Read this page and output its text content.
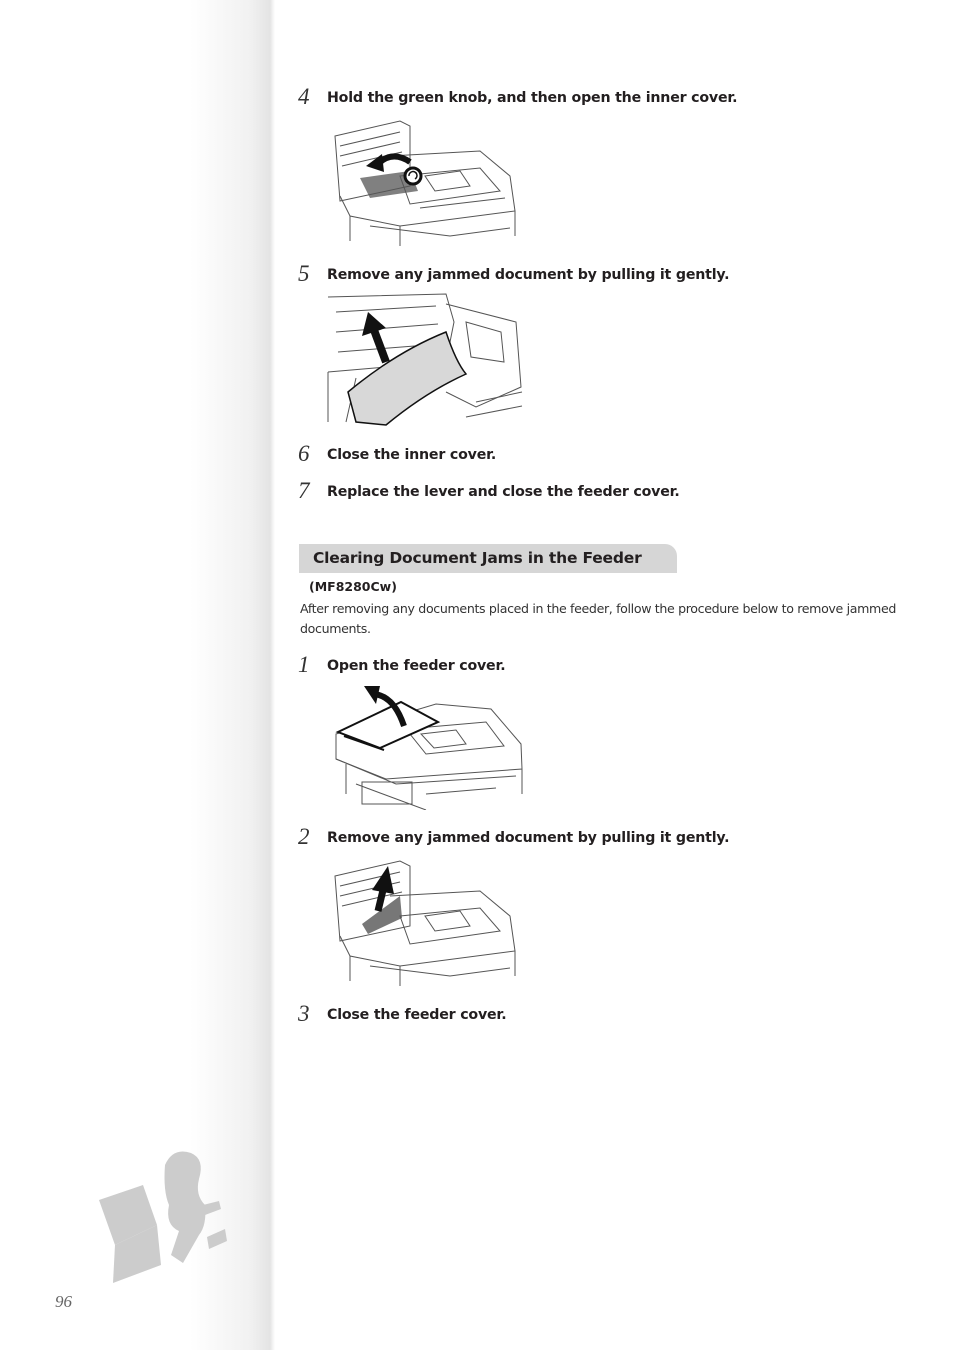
4	Hold the green knob, and then open the inner cover.
5	Remove any jammed document by pulling it gently.
6	Close the inner cover.
7	Replace the lever and close the feeder cover.
Clearing Document Jams in the Feeder
(MF8280Cw)
After removing any documents placed in the feeder, follow the procedure below to remove jammed documents.
1	Open the feeder cover.
2	Remove any jammed document by pulling it gently.
3	Close the feeder cover.
96
